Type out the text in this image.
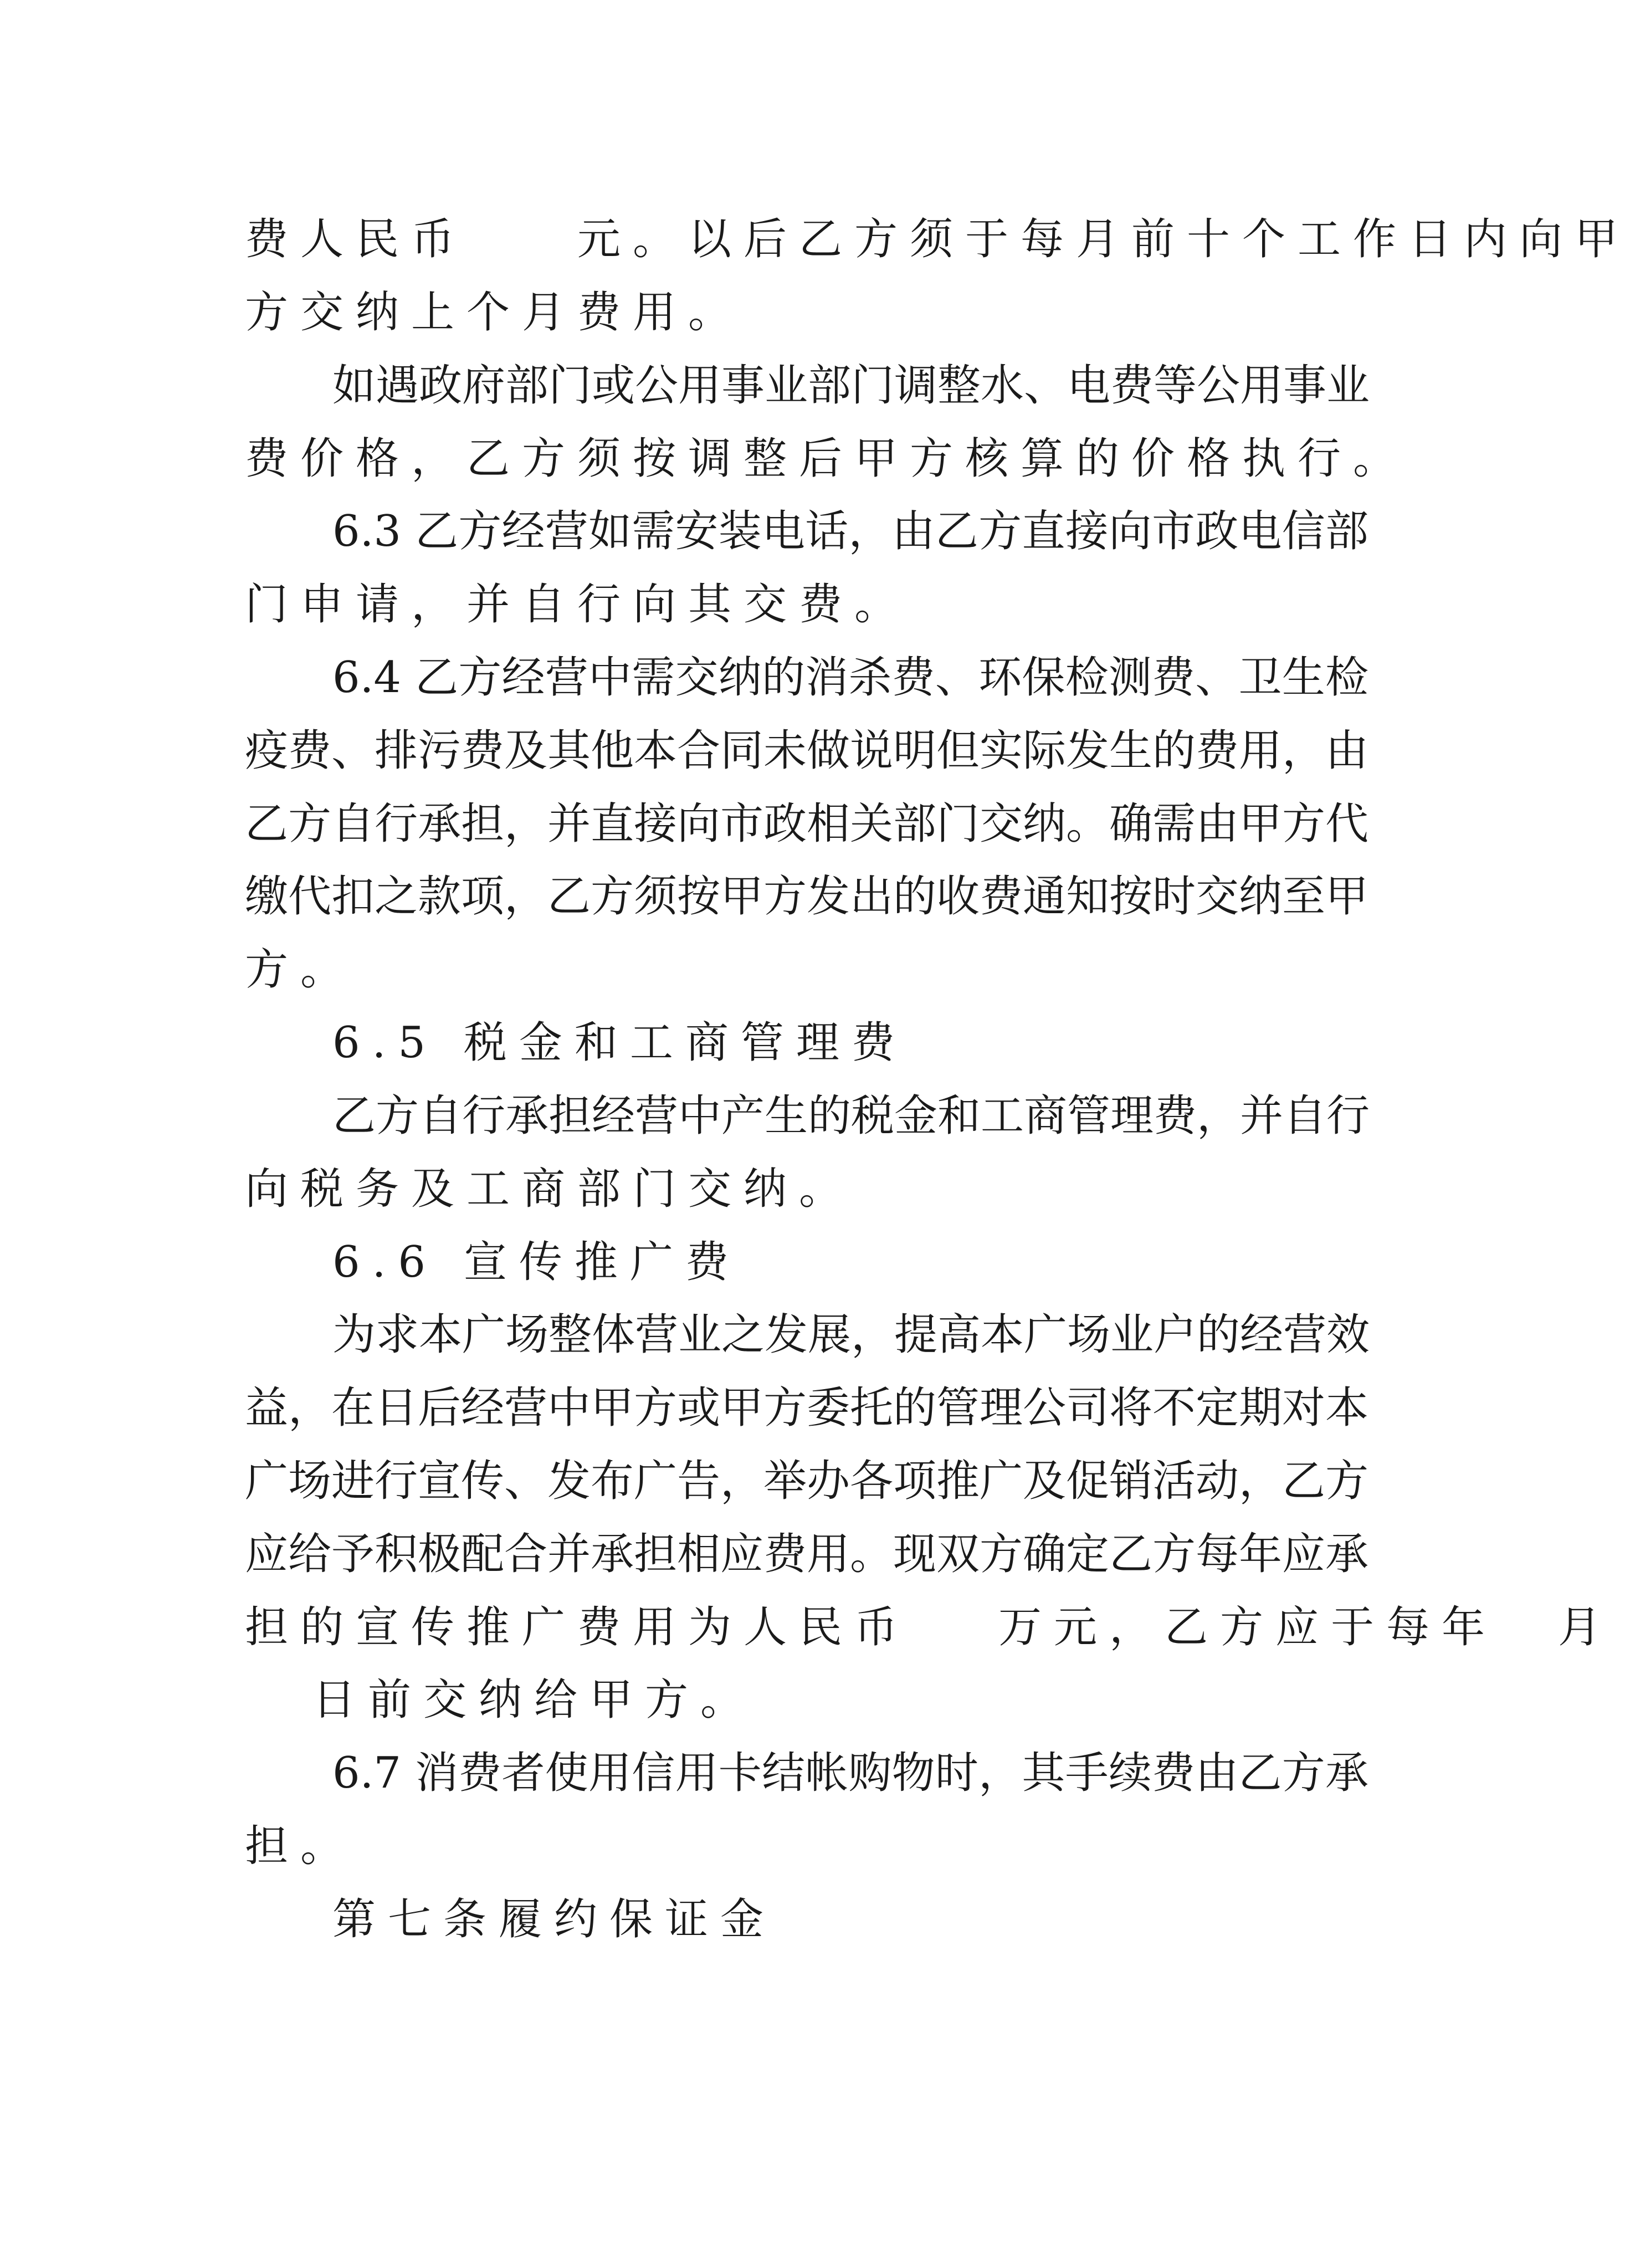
费人民币	元。以后乙方须于每月前十个工作日内向甲
方交纳上个月费用。
如遇政府部门或公用事业部门调整水、电费等公用事业
费价格，乙方须按调整后甲方核算的价格执行。
6.3 乙方经营如需安装电话，由乙方直接向市政电信部
门申请，并自行向其交费。
6.4 乙方经营中需交纳的消杀费、环保检测费、卫生检
疫费、排污费及其他本合同未做说明但实际发生的费用，由
乙方自行承担，并直接向市政相关部门交纳。确需由甲方代
缴代扣之款项，乙方须按甲方发出的收费通知按时交纳至甲
方。
6.5 税金和工商管理费
乙方自行承担经营中产生的税金和工商管理费，并自行
向税务及工商部门交纳。
6.6 宣传推广费
为求本广场整体营业之发展，提高本广场业户的经营效
益，在日后经营中甲方或甲方委托的管理公司将不定期对本
广场进行宣传、发布广告，举办各项推广及促销活动，乙方
应给予积极配合并承担相应费用。现双方确定乙方每年应承
担的宣传推广费用为人民币 万元，乙方应于每年 月
日前交纳给甲方。
6.7 消费者使用信用卡结帐购物时，其手续费由乙方承
担。
第七条履约保证金
